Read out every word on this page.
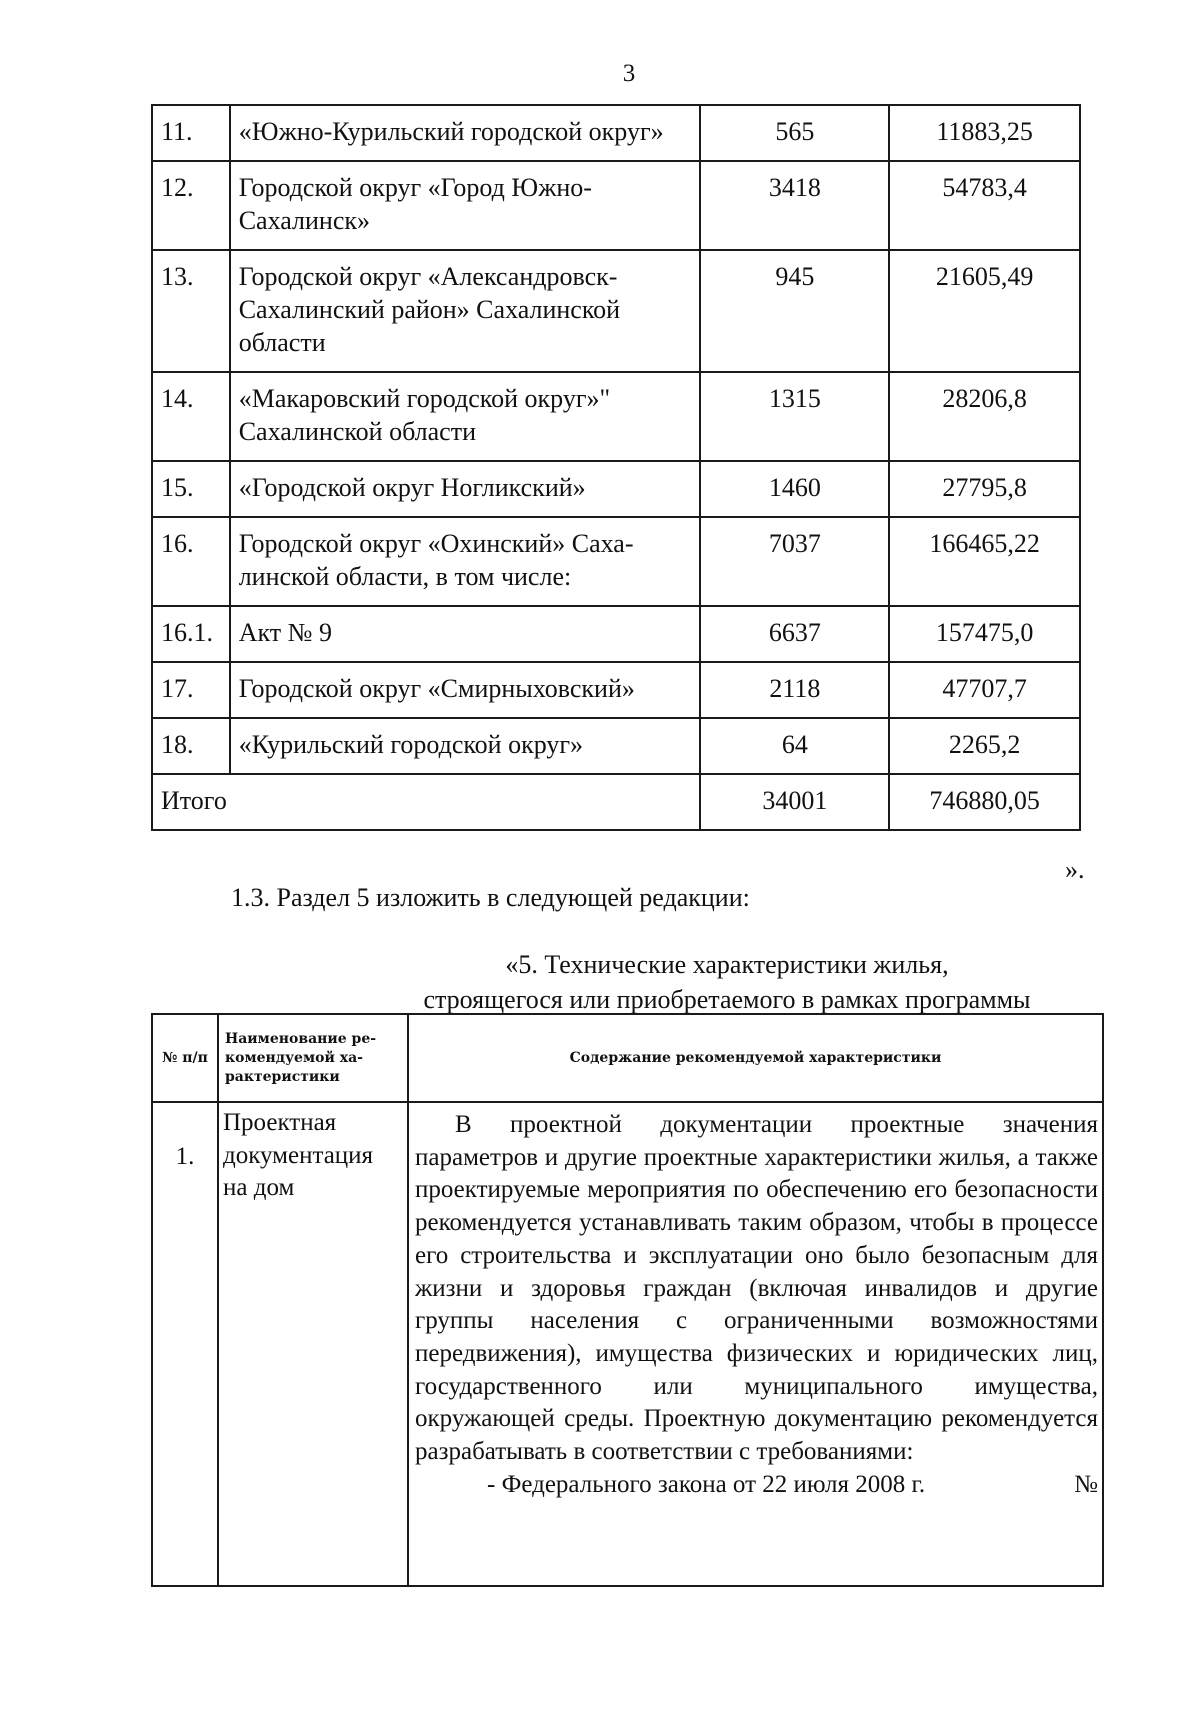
3
11.	«Южно-Курильский городской округ»	565	11883,25
12.	Городской округ «Город Южно-Сахалинск»	3418	54783,4
13.	Городской округ «Александровск-Сахалинский район» Сахалинской области	945	21605,49
14.	«Макаровский городской округ»" Сахалинской области	1315	28206,8
15.	«Городской округ Ногликский»	1460	27795,8
16.	Городской округ «Охинский» Саха-линской области, в том числе:	7037	166465,22
16.1.	Акт № 9	6637	157475,0
17.	Городской округ «Смирныховский»	2118	47707,7
18.	«Курильский городской округ»	64	2265,2
Итого		34001	746880,05
».
1.3. Раздел 5 изложить в следующей редакции:
«5. Технические характеристики жилья,
строящегося или приобретаемого в рамках программы
№ п/п	Наименование ре-комендуемой ха-рактеристики	Содержание рекомендуемой характеристики
1.	Проектная документация на дом	В проектной документации проектные значения параметров и другие проектные характеристики жилья, а также проектируемые мероприятия по обеспечению его безопасности рекомендуется устанавливать таким образом, чтобы в процессе его строительства и эксплуатации оно было безопасным для жизни и здоровья граждан (включая инвалидов и другие группы населения с ограниченными возможностями передвижения), имущества физических и юридических лиц, государственного или муниципального имущества, окружающей среды. Проектную документацию рекомендуется разрабатывать в соответствии с требованиями:
- Федерального закона от 22 июля 2008 г. №
